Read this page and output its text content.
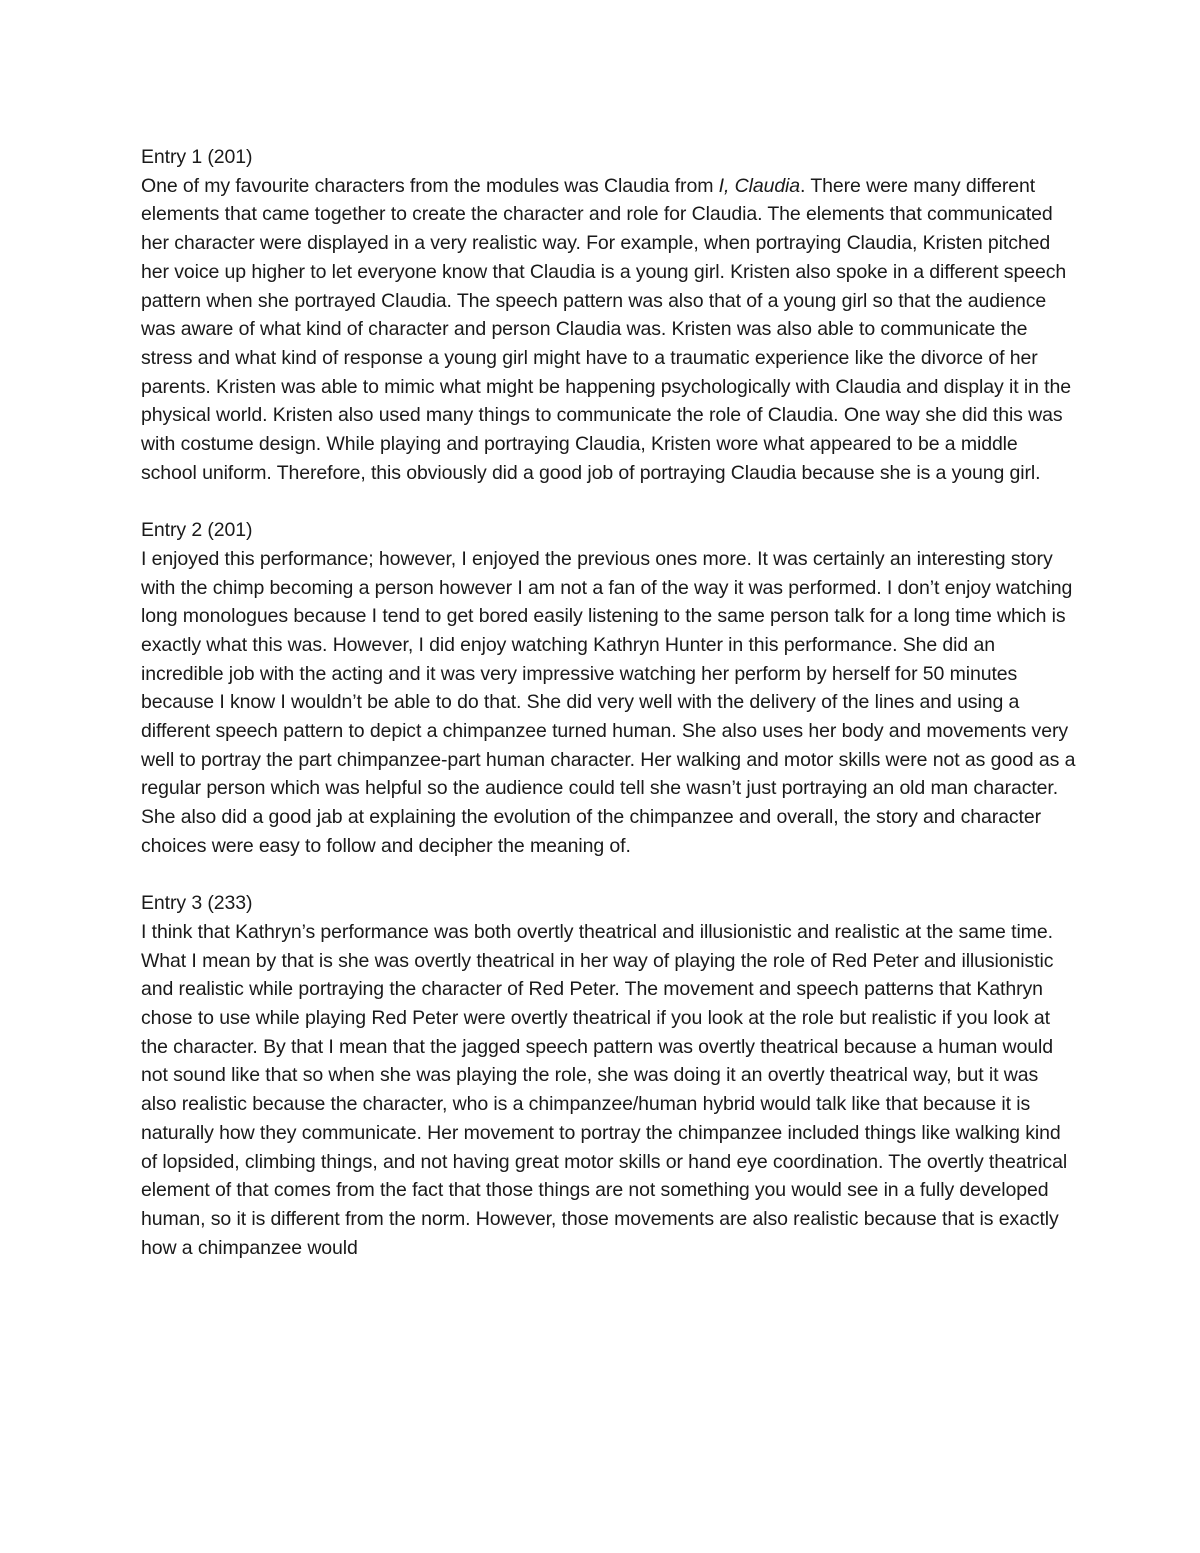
Entry 1 (201)

One of my favourite characters from the modules was Claudia from I, Claudia. There were many different elements that came together to create the character and role for Claudia. The elements that communicated her character were displayed in a very realistic way. For example, when portraying Claudia, Kristen pitched her voice up higher to let everyone know that Claudia is a young girl. Kristen also spoke in a different speech pattern when she portrayed Claudia. The speech pattern was also that of a young girl so that the audience was aware of what kind of character and person Claudia was. Kristen was also able to communicate the stress and what kind of response a young girl might have to a traumatic experience like the divorce of her parents. Kristen was able to mimic what might be happening psychologically with Claudia and display it in the physical world. Kristen also used many things to communicate the role of Claudia. One way she did this was with costume design. While playing and portraying Claudia, Kristen wore what appeared to be a middle school uniform. Therefore, this obviously did a good job of portraying Claudia because she is a young girl.

Entry 2 (201)

I enjoyed this performance; however, I enjoyed the previous ones more. It was certainly an interesting story with the chimp becoming a person however I am not a fan of the way it was performed. I don’t enjoy watching long monologues because I tend to get bored easily listening to the same person talk for a long time which is exactly what this was. However, I did enjoy watching Kathryn Hunter in this performance. She did an incredible job with the acting and it was very impressive watching her perform by herself for 50 minutes because I know I wouldn’t be able to do that. She did very well with the delivery of the lines and using a different speech pattern to depict a chimpanzee turned human. She also uses her body and movements very well to portray the part chimpanzee-part human character. Her walking and motor skills were not as good as a regular person which was helpful so the audience could tell she wasn’t just portraying an old man character. She also did a good jab at explaining the evolution of the chimpanzee and overall, the story and character choices were easy to follow and decipher the meaning of.

Entry 3 (233)

I think that Kathryn’s performance was both overtly theatrical and illusionistic and realistic at the same time. What I mean by that is she was overtly theatrical in her way of playing the role of Red Peter and illusionistic and realistic while portraying the character of Red Peter. The movement and speech patterns that Kathryn chose to use while playing Red Peter were overtly theatrical if you look at the role but realistic if you look at the character. By that I mean that the jagged speech pattern was overtly theatrical because a human would not sound like that so when she was playing the role, she was doing it an overtly theatrical way, but it was also realistic because the character, who is a chimpanzee/human hybrid would talk like that because it is naturally how they communicate. Her movement to portray the chimpanzee included things like walking kind of lopsided, climbing things, and not having great motor skills or hand eye coordination. The overtly theatrical element of that comes from the fact that those things are not something you would see in a fully developed human, so it is different from the norm. However, those movements are also realistic because that is exactly how a chimpanzee would
